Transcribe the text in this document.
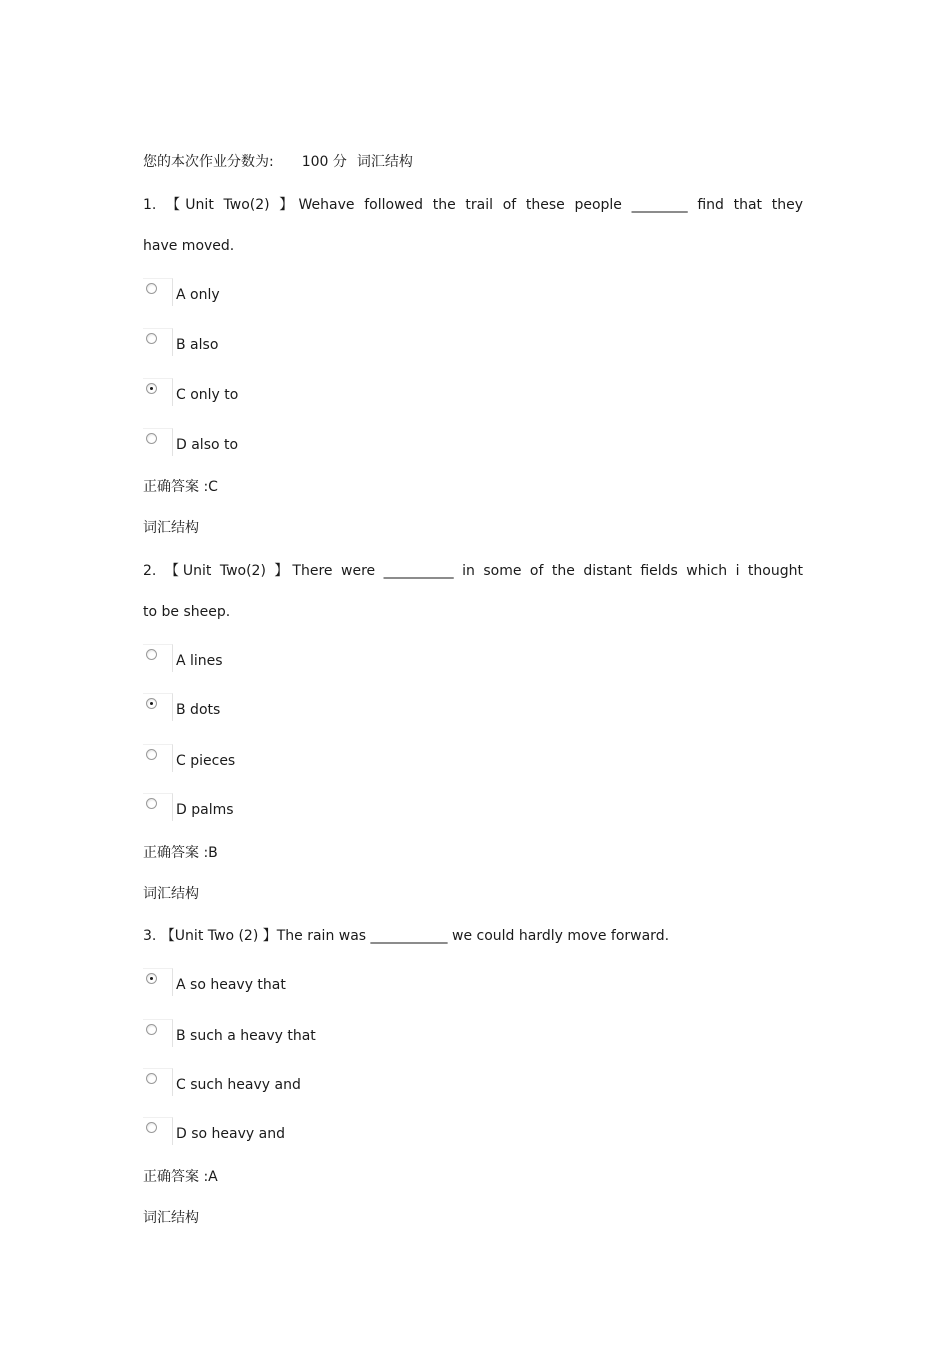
您的本次作业分数为: 100 分 词汇结构
1. 【Unit Two(2) 】Wehave followed the trail of these people ________ find that they
have moved.
A only
B also
C only to
D also to
正确答案 :C
词汇结构
2. 【Unit Two(2) 】There were __________ in some of the distant fields which i thought
to be sheep.
A lines
B dots
C pieces
D palms
正确答案 :B
词汇结构
3. 【Unit Two (2) 】The rain was ___________ we could hardly move forward.
A so heavy that
B such a heavy that
C such heavy and
D so heavy and
正确答案 :A
词汇结构
